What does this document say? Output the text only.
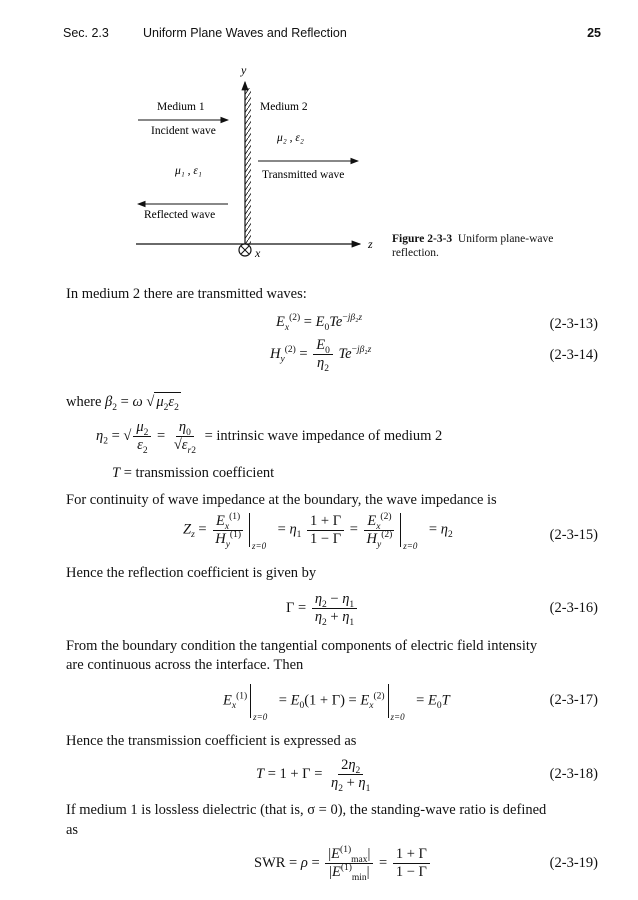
Sec. 2.3	Uniform Plane Waves and Reflection	25
y
z
x
Medium 1	Medium 2
Incident wave
μ₂ , ε₂
μ₁ , ε₁	Transmitted wave
Reflected wave
Figure 2-3-3 Uniform plane-wave reflection.
In medium 2 there are transmitted waves:
$E_x^{(2)} = E_0Te^{-j\beta_2z}$	(2-3-13)
$H_y^{(2)} = \frac{E_0}{\eta_2} Te^{-j\beta_2z}$	(2-3-14)
where $\beta_2 = \omega$ √ $\mu_2\varepsilon_2$
$\eta_2$ = √ $\frac{\mu_2}{\varepsilon_2} = \frac{\eta_0}{√\varepsilon_{r2}}$ = intrinsic wave impedance of medium 2
T = transmission coefficient
For continuity of wave impedance at the boundary, the wave impedance is
$Z_z = \frac{E_x^{(1)}}{H_y^{(1)}} z=0$
= $\eta_1 \frac{1 + \Gamma}{1 - \Gamma} = \frac{E_x^{(2)}}{H_y^{(2)}} z=0$
= $\eta_2$	(2-3-15)
Hence the reflection coefficient is given by
$\Gamma = \frac{\eta_2 - \eta_1}{\eta_2 + \eta_1}$	(2-3-16)
From the boundary condition the tangential components of electric field intensity
are continuous across the interface. Then
$E_x^{(1)}$
z=0
= $E_0(1 + \Gamma) = E_x^{(2)}$
z=0
= $E_0T$	(2-3-17)
Hence the transmission coefficient is expressed as
$T = 1 + \Gamma = \frac{2\eta_2}{\eta_2 + \eta_1}$	(2-3-18)
If medium 1 is lossless dielectric (that is, σ = 0), the standing-wave ratio is defined
as
SWR = $\rho = \frac{|E^{(1)}_{max}|}{|E^{(1)}_{min}|} = \frac{1 + \Gamma}{1 - \Gamma}$	(2-3-19)
